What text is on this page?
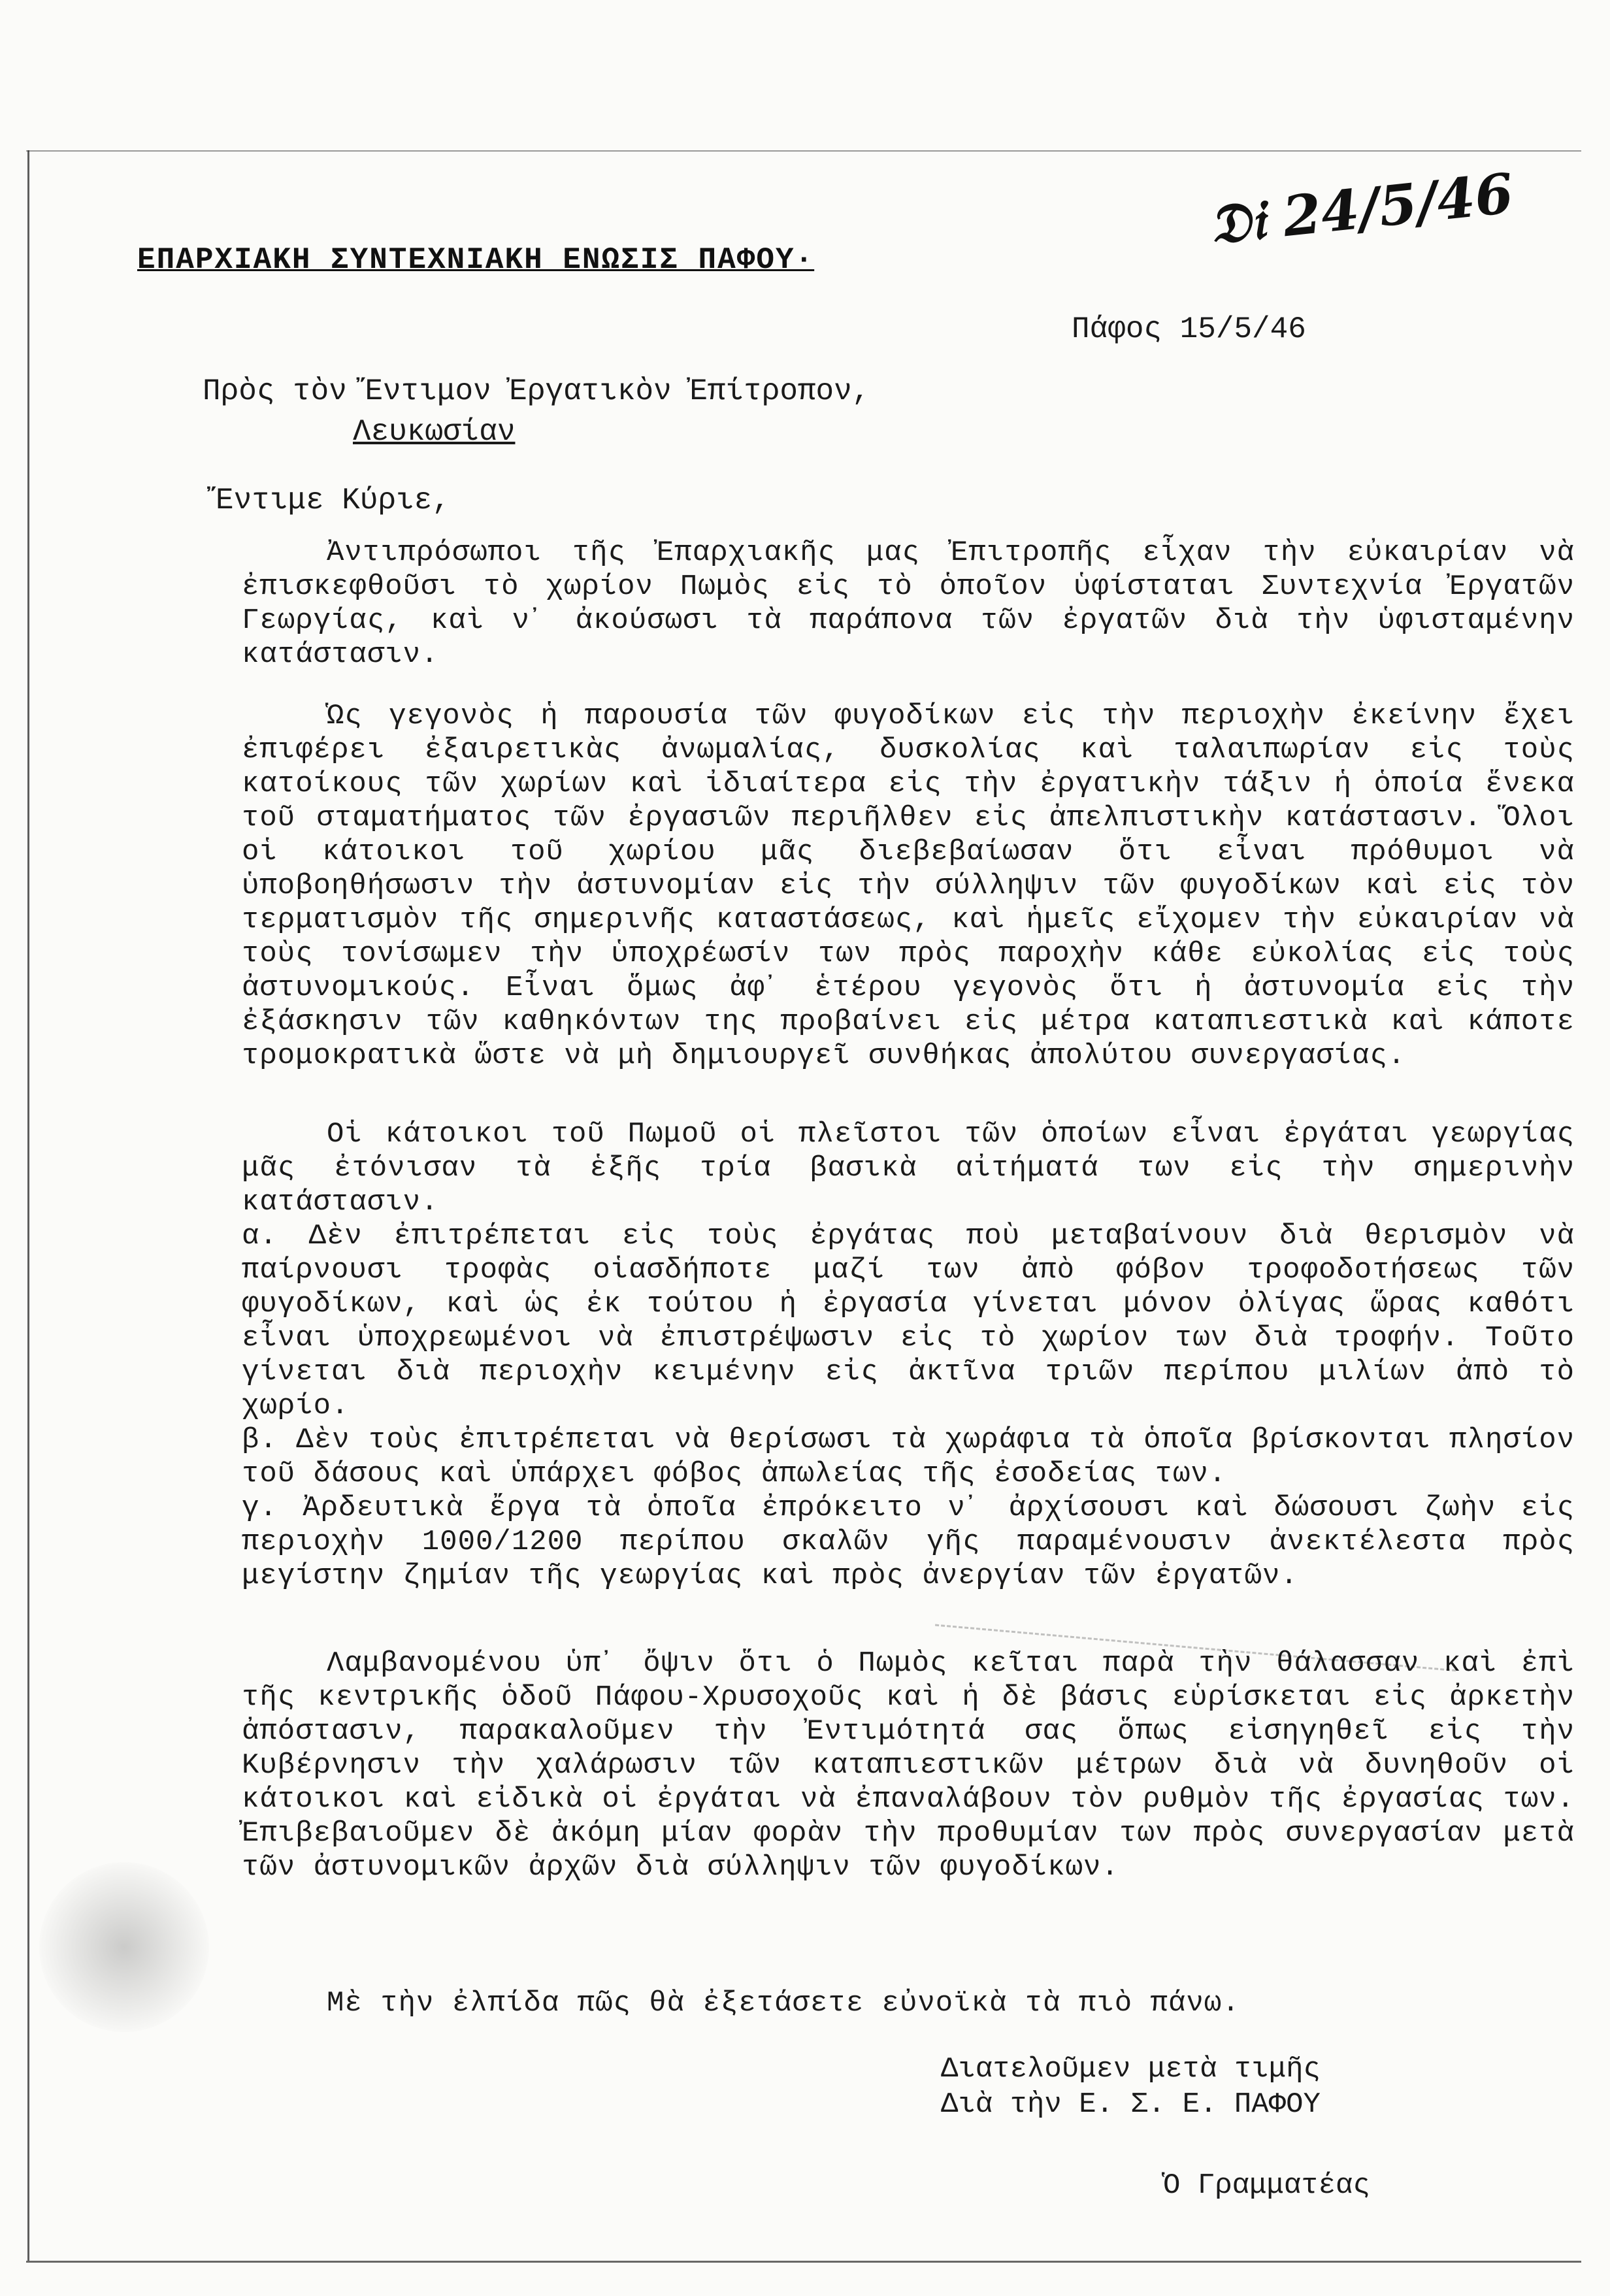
ΕΠΑΡΧΙΑΚΗ ΣΥΝΤΕΧΝΙΑΚΗ ΕΝΩΣΙΣ ΠΑΦΟΥ·
𝔇𝔦 24/5/46
Πάφος 15/5/46
Πρὸς τὸν Ἔντιμον Ἐργατικὸν Ἐπίτροπον,
Λευκωσίαν
Ἔντιμε Κύριε,

Ἀντιπρόσωποι τῆς Ἐπαρχιακῆς μας Ἐπιτροπῆς εἶχαν τὴν εὐκαιρίαν νὰ ἐπισκεφθοῦσι τὸ χωρίον Πωμὸς εἰς τὸ ὁποῖον ὑφίσταται Συντεχνία Ἐργατῶν Γεωργίας, καὶ ν᾽ ἀκούσωσι τὰ παράπονα τῶν ἐργατῶν διὰ τὴν ὑφισταμένην κατάστασιν.

Ὡς γεγονὸς ἡ παρουσία τῶν φυγοδίκων εἰς τὴν περιοχὴν ἐκείνην ἔχει ἐπιφέρει ἐξαιρετικὰς ἀνωμαλίας, δυσκολίας καὶ ταλαιπωρίαν εἰς τοὺς κατοίκους τῶν χωρίων καὶ ἰδιαίτερα εἰς τὴν ἐργατικὴν τάξιν ἡ ὁποία ἕνεκα τοῦ σταματήματος τῶν ἐργασιῶν περιῆλθεν εἰς ἀπελπιστικὴν κατάστασιν. Ὅλοι οἱ κάτοικοι τοῦ χωρίου μᾶς διεβεβαίωσαν ὅτι εἶναι πρόθυμοι νὰ ὑποβοηθήσωσιν τὴν ἀστυνομίαν εἰς τὴν σύλληψιν τῶν φυγοδίκων καὶ εἰς τὸν τερματισμὸν τῆς σημερινῆς καταστάσεως, καὶ ἡμεῖς εἴχομεν τὴν εὐκαιρίαν νὰ τοὺς τονίσωμεν τὴν ὑποχρέωσίν των πρὸς παροχὴν κάθε εὐκολίας εἰς τοὺς ἀστυνομικούς. Εἶναι ὅμως ἀφ᾽ ἑτέρου γεγονὸς ὅτι ἡ ἀστυνομία εἰς τὴν ἐξάσκησιν τῶν καθηκόντων της προβαίνει εἰς μέτρα καταπιεστικὰ καὶ κάποτε τρομοκρατικὰ ὥστε νὰ μὴ δημιουργεῖ συνθήκας ἀπολύτου συνεργασίας.

Οἱ κάτοικοι τοῦ Πωμοῦ οἱ πλεῖστοι τῶν ὁποίων εἶναι ἐργάται γεωργίας μᾶς ἐτόνισαν τὰ ἑξῆς τρία βασικὰ αἰτήματά των εἰς τὴν σημερινὴν κατάστασιν.

α. Δὲν ἐπιτρέπεται εἰς τοὺς ἐργάτας ποὺ μεταβαίνουν διὰ θερισμὸν νὰ παίρνουσι τροφὰς οἱασδήποτε μαζί των ἀπὸ φόβον τροφοδοτήσεως τῶν φυγοδίκων, καὶ ὡς ἐκ τούτου ἡ ἐργασία γίνεται μόνον ὀλίγας ὥρας καθότι εἶναι ὑποχρεωμένοι νὰ ἐπιστρέψωσιν εἰς τὸ χωρίον των διὰ τροφήν. Τοῦτο γίνεται διὰ περιοχὴν κειμένην εἰς ἀκτῖνα τριῶν περίπου μιλίων ἀπὸ τὸ χωρίο.

β. Δὲν τοὺς ἐπιτρέπεται νὰ θερίσωσι τὰ χωράφια τὰ ὁποῖα βρίσκονται πλησίον τοῦ δάσους καὶ ὑπάρχει φόβος ἀπωλείας τῆς ἐσοδείας των.

γ. Ἀρδευτικὰ ἔργα τὰ ὁποῖα ἐπρόκειτο ν᾽ ἀρχίσουσι καὶ δώσουσι ζωὴν εἰς περιοχὴν 1000/1200 περίπου σκαλῶν γῆς παραμένουσιν ἀνεκτέλεστα πρὸς μεγίστην ζημίαν τῆς γεωργίας καὶ πρὸς ἀνεργίαν τῶν ἐργατῶν.

Λαμβανομένου ὑπ᾽ ὄψιν ὅτι ὁ Πωμὸς κεῖται παρὰ τὴν θάλασσαν καὶ ἐπὶ τῆς κεντρικῆς ὁδοῦ Πάφου-Χρυσοχοῦς καὶ ἡ δὲ βάσις εὑρίσκεται εἰς ἀρκετὴν ἀπόστασιν, παρακαλοῦμεν τὴν Ἐντιμότητά σας ὅπως εἰσηγηθεῖ εἰς τὴν Κυβέρνησιν τὴν χαλάρωσιν τῶν καταπιεστικῶν μέτρων διὰ νὰ δυνηθοῦν οἱ κάτοικοι καὶ εἰδικὰ οἱ ἐργάται νὰ ἐπαναλάβουν τὸν ρυθμὸν τῆς ἐργασίας των. Ἐπιβεβαιοῦμεν δὲ ἀκόμη μίαν φορὰν τὴν προθυμίαν των πρὸς συνεργασίαν μετὰ τῶν ἀστυνομικῶν ἀρχῶν διὰ σύλληψιν τῶν φυγοδίκων.

Μὲ τὴν ἐλπίδα πῶς θὰ ἐξετάσετε εὐνοϊκὰ τὰ πιὸ πάνω.

Διατελοῦμεν μετὰ τιμῆς
Διὰ τὴν Ε. Σ. Ε. ΠΑΦΟΥ
Ὁ Γραμματέας
